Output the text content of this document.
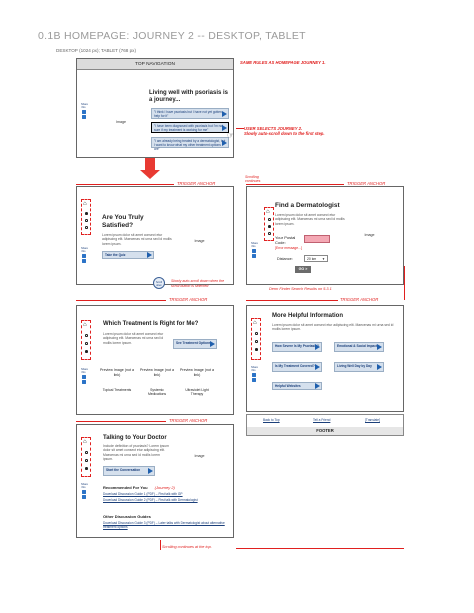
0.1B HOMEPAGE: JOURNEY 2 -- DESKTOP, TABLET
DESKTOP (1024 px); TABLET (768 px)
TOP NAVIGATION
Living well with psoriasis is a journey...
Image
Share this
"I think I have psoriasis but I have not yet gotten help for it"
"I have been diagnosed with psoriasis but I'm not sure if my treatment is working for me"
"I am already being treated by a dermatologist, but I want to know what my other treatment options are"
☞
SAME RULES AS HOMEPAGE JOURNEY 1.
USER SELECTS JOURNEY 2.
Slowly auto-scroll down to the first step.
TRIGGER ANCHOR
Scrolling continues	TRIGGER ANCHOR
⌂
Are You Truly Satisfied?
Lorem ipsum dolor sit amet consect etur adipiscing elit. Maecenas mi urna sed id mollis lorem ipsum.
Image
Share this
Take the Quiz
Scroll down
Slowly auto-scroll down when the scroll button is selected
⌂
Find a Dermatologist
Lorem ipsum dolor sit amet consect etur adipiscing elit. Maecenas mi urna sed id mollis lorem ipsum.
Image
Share this
Your Postal Code:
[Error message...]
Distance:	20 km ▼
GO >
Derm Finder Search Results on 5.3.1
TRIGGER ANCHOR	TRIGGER ANCHOR
⌂	Which Treatment Is Right for Me?
Lorem ipsum dolor sit amet consect etur adipiscing elit. Maecenas mi urna sed id mollis lorem ipsum.	See Treatment Options
Share this
Preview Image (not a link)
Preview Image (not a link)
Preview Image (not a link)
Topical Treatments	Systemic Medications
Ultraviolet Light Therapy
⌂
More Helpful Information
Lorem ipsum dolor sit amet consect etur adipiscing elit. Maecenas mi urna sed id mollis lorem ipsum.
Share this
How Severe Is My Psoriasis?	Emotional & Social Impacts
Is My Treatment Covered?	Living Well Day by Day
Helpful Websites
Back to Top	Tell a Friend	[Translate]
FOOTER
TRIGGER ANCHOR
⌂
Talking to Your Doctor
Include definition of psoriasis? Lorem ipsum dolor sit amet consect etur adipiscing elit. Maecenas mi urna sed id mollis lorem ipsum.
Image
Share this
Start the Conversation
Recommended For You (Journey 2)
Download Discussion Guide 1 (PDF) – First talk with GP
Download Discussion Guide 2 (PDF) – First talk with Dermatologist
Other Discussion Guides
Download Discussion Guide 3 (PDF) – Later talks with Dermatologist about alternative treatment options
Scrolling continues at the top.
